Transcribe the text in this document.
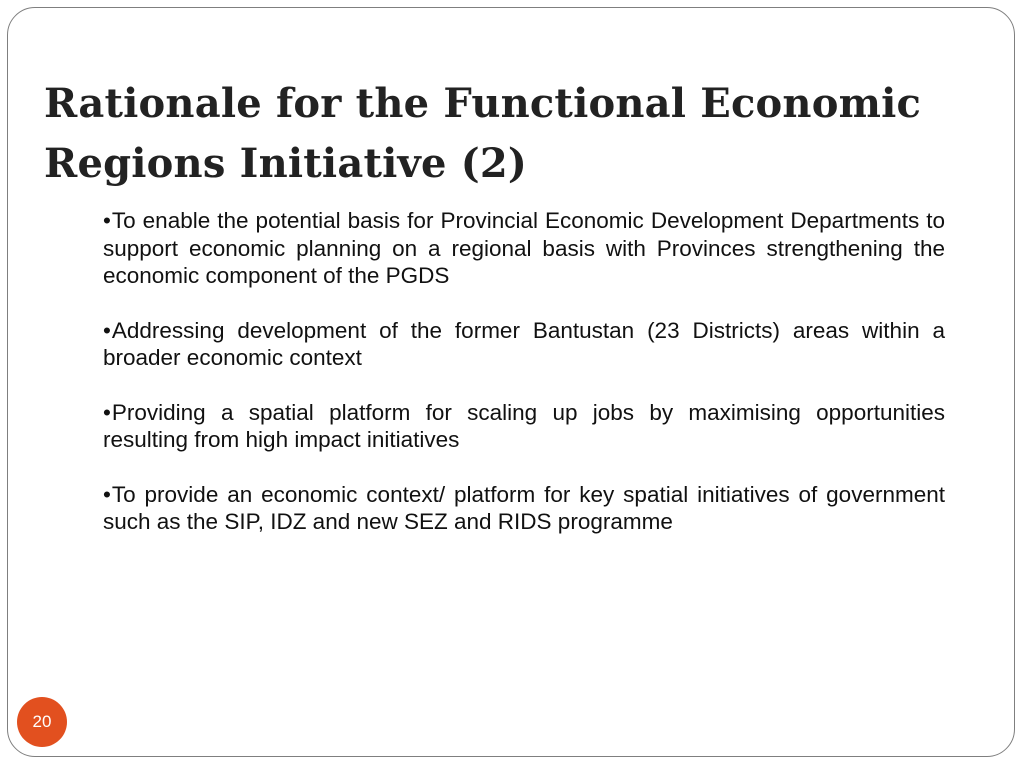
Rationale for the Functional Economic Regions Initiative (2)
•To enable the potential basis for Provincial Economic Development Departments to support economic planning on a regional basis with Provinces strengthening the economic component of the PGDS
•Addressing development of the former Bantustan (23 Districts) areas within a broader economic context
•Providing a spatial platform for scaling up jobs by maximising opportunities resulting from high impact initiatives
•To provide an economic context/ platform for key spatial initiatives of government such as the SIP, IDZ and new SEZ and RIDS programme
20
